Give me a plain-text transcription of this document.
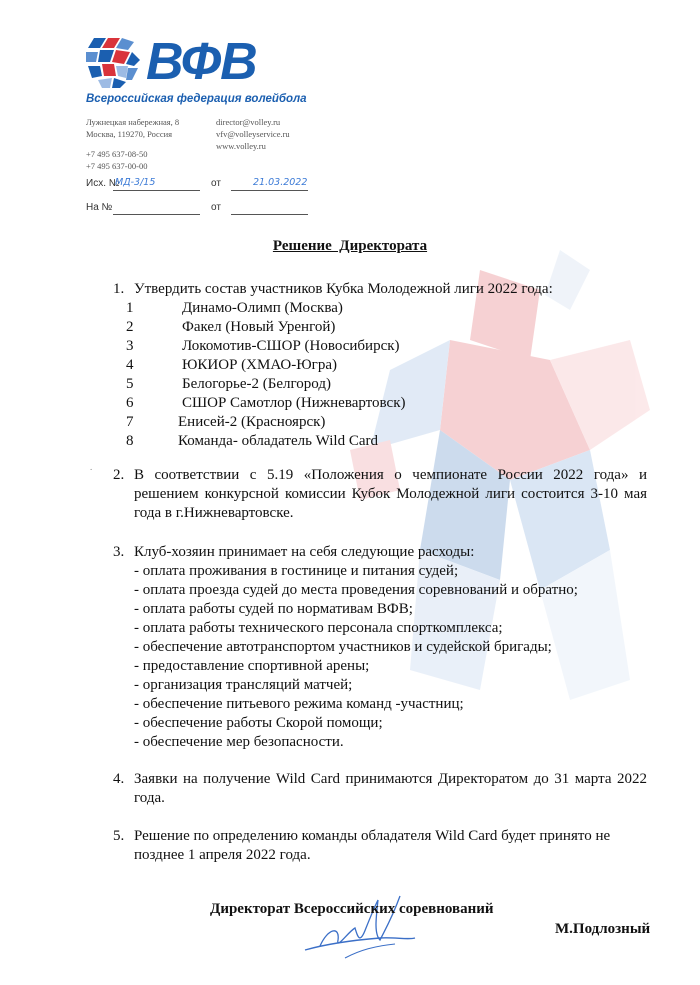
ВФВ
Всероссийская федерация волейбола
Лужнецкая набережная, 8
Москва, 119270, Россия
+7 495 637-08-50
+7 495 637-00-00
director@volley.ru
vfv@volleyservice.ru
www.volley.ru
Исх. №
МД-3/15	от	21.03.2022
На №	от
Решение  Директората
1. Утвердить состав участников Кубка Молодежной лиги 2022 года:
1	Динамо-Олимп (Москва)
2	Факел (Новый Уренгой)
3	Локомотив-СШОР (Новосибирск)
4	ЮКИОР (ХМАО-Югра)
5	Белогорье-2 (Белгород)
6	СШОР Самотлор (Нижневартовск)
7	Енисей-2 (Красноярск)
8	Команда- обладатель Wild Card
. 2. В соответствии с 5.19 «Положения о чемпионате России 2022 года» и решением конкурсной комиссии Кубок Молодежной лиги состоится 3-10 мая года в г.Нижневартовске.
3. Клуб-хозяин принимает на себя следующие расходы:
- оплата проживания в гостинице и питания судей;
- оплата проезда судей до места проведения соревнований и обратно;
- оплата работы судей по нормативам ВФВ;
- оплата работы технического персонала спорткомплекса;
- обеспечение автотранспортом участников и судейской бригады;
- предоставление спортивной арены;
- организация трансляций матчей;
- обеспечение питьевого режима команд -участниц;
- обеспечение работы Скорой помощи;
- обеспечение мер безопасности.
4. Заявки на получение Wild Card принимаются Директоратом до 31 марта 2022 года.
5. Решение по определению команды обладателя Wild Card будет принято не позднее 1 апреля 2022 года.
Директорат Всероссийских соревнований
М.Подлозный
